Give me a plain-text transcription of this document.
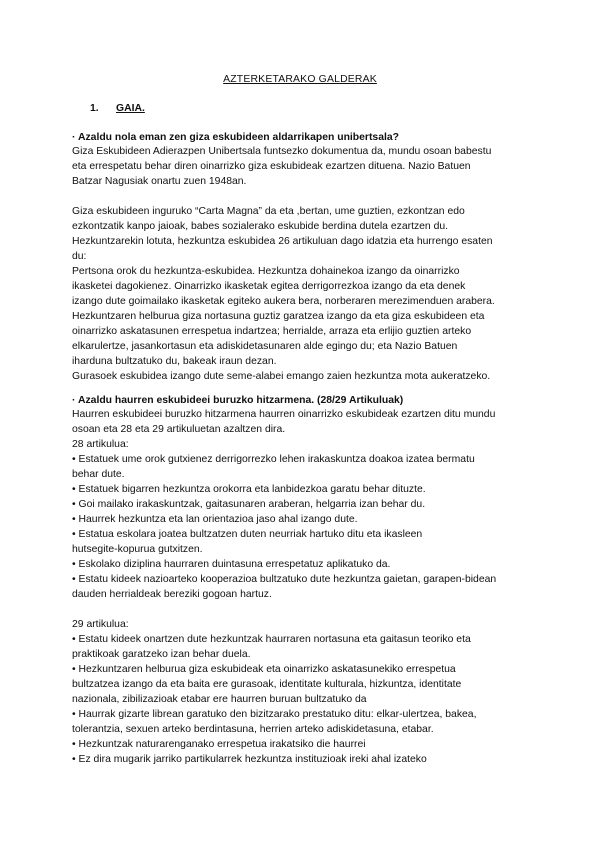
AZTERKETARAKO GALDERAK
1. GAIA.
· Azaldu nola eman zen giza eskubideen aldarrikapen unibertsala?
Giza Eskubideen Adierazpen Unibertsala funtsezko dokumentua da, mundu osoan babestu
eta errespetatu behar diren oinarrizko giza eskubideak ezartzen dituena. Nazio Batuen
Batzar Nagusiak onartu zuen 1948an.
Giza eskubideen inguruko “Carta Magna” da eta ,bertan, ume guztien, ezkontzan edo
ezkontzatik kanpo jaioak, babes sozialerako eskubide berdina dutela ezartzen du.
Hezkuntzarekin lotuta, hezkuntza eskubidea 26 artikuluan dago idatzia eta hurrengo esaten
du:
Pertsona orok du hezkuntza-eskubidea. Hezkuntza dohainekoa izango da oinarrizko
ikasketei dagokienez. Oinarrizko ikasketak egitea derrigorrezkoa izango da eta denek
izango dute goimailako ikasketak egiteko aukera bera, norberaren merezimenduen arabera.
Hezkuntzaren helburua giza nortasuna guztiz garatzea izango da eta giza eskubideen eta
oinarrizko askatasunen errespetua indartzea; herrialde, arraza eta erlijio guztien arteko
elkarulertze, jasankortasun eta adiskidetasunaren alde egingo du; eta Nazio Batuen
iharduna bultzatuko du, bakeak iraun dezan.
Gurasoek eskubidea izango dute seme-alabei emango zaien hezkuntza mota aukeratzeko.
· Azaldu haurren eskubideei buruzko hitzarmena. (28/29 Artikuluak)
Haurren eskubideei buruzko hitzarmena haurren oinarrizko eskubideak ezartzen ditu mundu
osoan eta 28 eta 29 artikuluetan azaltzen dira.
28 artikulua:
• Estatuek ume orok gutxienez derrigorrezko lehen irakaskuntza doakoa izatea bermatu
behar dute.
• Estatuek bigarren hezkuntza orokorra eta lanbidezkoa garatu behar dituzte.
• Goi mailako irakaskuntzak, gaitasunaren araberan, helgarria izan behar du.
• Haurrek hezkuntza eta lan orientazioa jaso ahal izango dute.
• Estatua eskolara joatea bultzatzen duten neurriak hartuko ditu eta ikasleen
hutsegite-kopurua gutxitzen.
• Eskolako diziplina haurraren duintasuna errespetatuz aplikatuko da.
• Estatu kideek nazioarteko kooperazioa bultzatuko dute hezkuntza gaietan, garapen-bidean
dauden herrialdeak bereziki gogoan hartuz.
29 artikulua:
• Estatu kideek onartzen dute hezkuntzak haurraren nortasuna eta gaitasun teoriko eta
praktikoak garatzeko izan behar duela.
• Hezkuntzaren helburua giza eskubideak eta oinarrizko askatasunekiko errespetua
bultzatzea izango da eta baita ere gurasoak, identitate kulturala, hizkuntza, identitate
nazionala, zibilizazioak etabar ere haurren buruan bultzatuko da
• Haurrak gizarte librean garatuko den bizitzarako prestatuko ditu: elkar-ulertzea, bakea,
tolerantzia, sexuen arteko berdintasuna, herrien arteko adiskidetasuna, etabar.
• Hezkuntzak naturarenganako errespetua irakatsiko die haurrei
• Ez dira mugarik jarriko partikularrek hezkuntza instituzioak ireki ahal izateko
